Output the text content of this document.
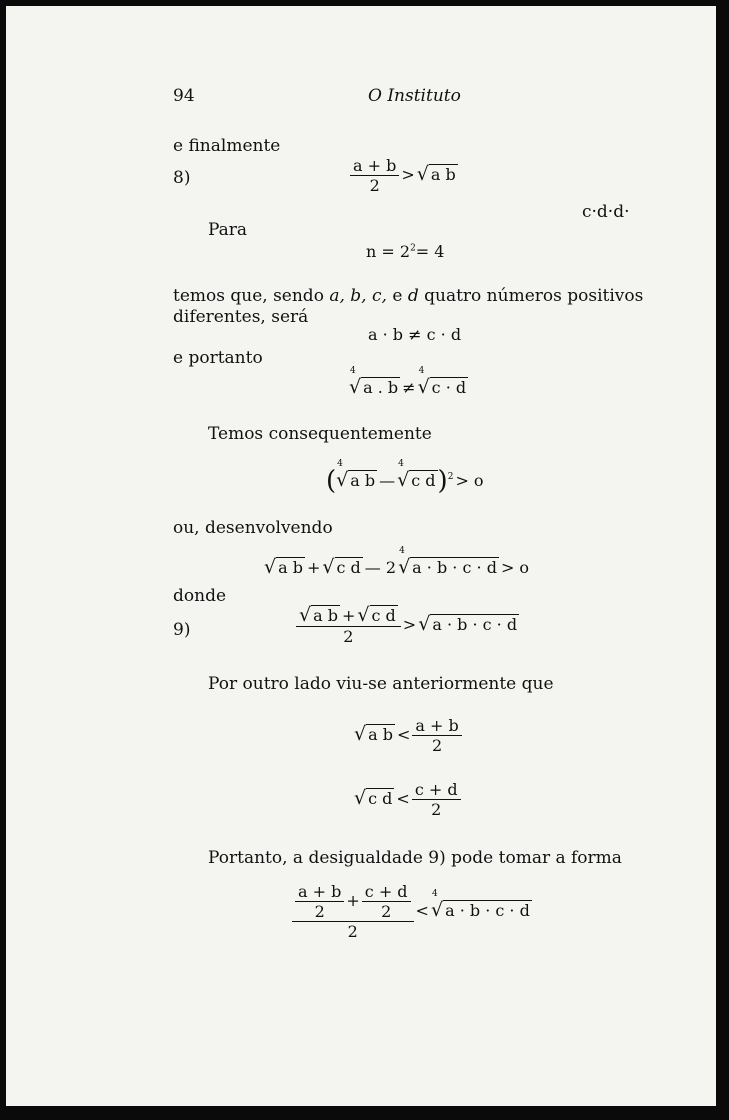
94	O Instituto
e finalmente
8)	$\frac{a + b}{2}$ > √ a b
c·d·d·
Para
$n = 2^2= 4$
temos que, sendo a, b, c, e d quatro números positivos
diferentes, será
a · b ≠ c · d
e portanto
4
√ a . b ≠
4
√ c · d
Temos consequentemente
(
4
√ a b —
4
√ c d)$^2$ > o
ou, desenvolvendo
√ a b + √ c d — 2
4
√ a · b · c · d > o
donde
9)	$\frac{\text{√ a b + √ c d}}{2}$ > √ a · b · c · d
Por outro lado viu-se anteriormente que
√ a $b < \frac{a + b}{2}$
√ c $d < \frac{c + d}{2}$
Portanto, a desigualdade 9) pode tomar a forma
$\frac{\frac{a + b}{2} + \frac{c + d}{2}}{2}$ <
4
√ a · b · c · d
